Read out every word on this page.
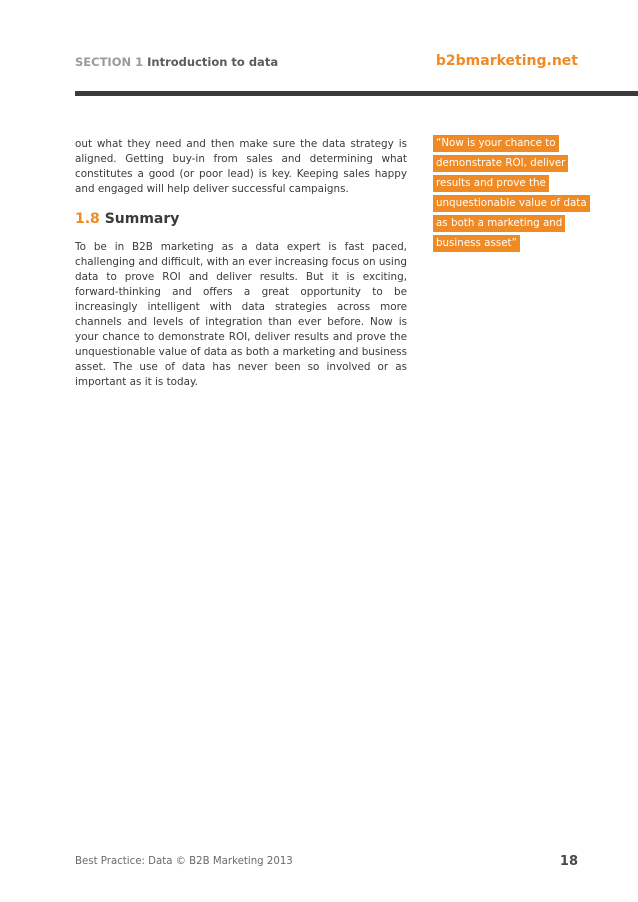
SECTION 1 Introduction to data	b2bmarketing.net

out what they need and then make sure the data strategy is aligned. Getting buy-in from sales and determining what constitutes a good (or poor lead) is key. Keeping sales happy and engaged will help deliver successful campaigns.

1.8 Summary

To be in B2B marketing as a data expert is fast paced, challenging and difficult, with an ever increasing focus on using data to prove ROI and deliver results. But it is exciting, forward-thinking and offers a great opportunity to be increasingly intelligent with data strategies across more channels and levels of integration than ever before. Now is your chance to demonstrate ROI, deliver results and prove the unquestionable value of data as both a marketing and business asset. The use of data has never been so involved or as important as it is today.

“Now is your chance to
demonstrate ROI, deliver
results and prove the
unquestionable value of data
as both a marketing and
business asset”
Best Practice: Data © B2B Marketing 2013	18
